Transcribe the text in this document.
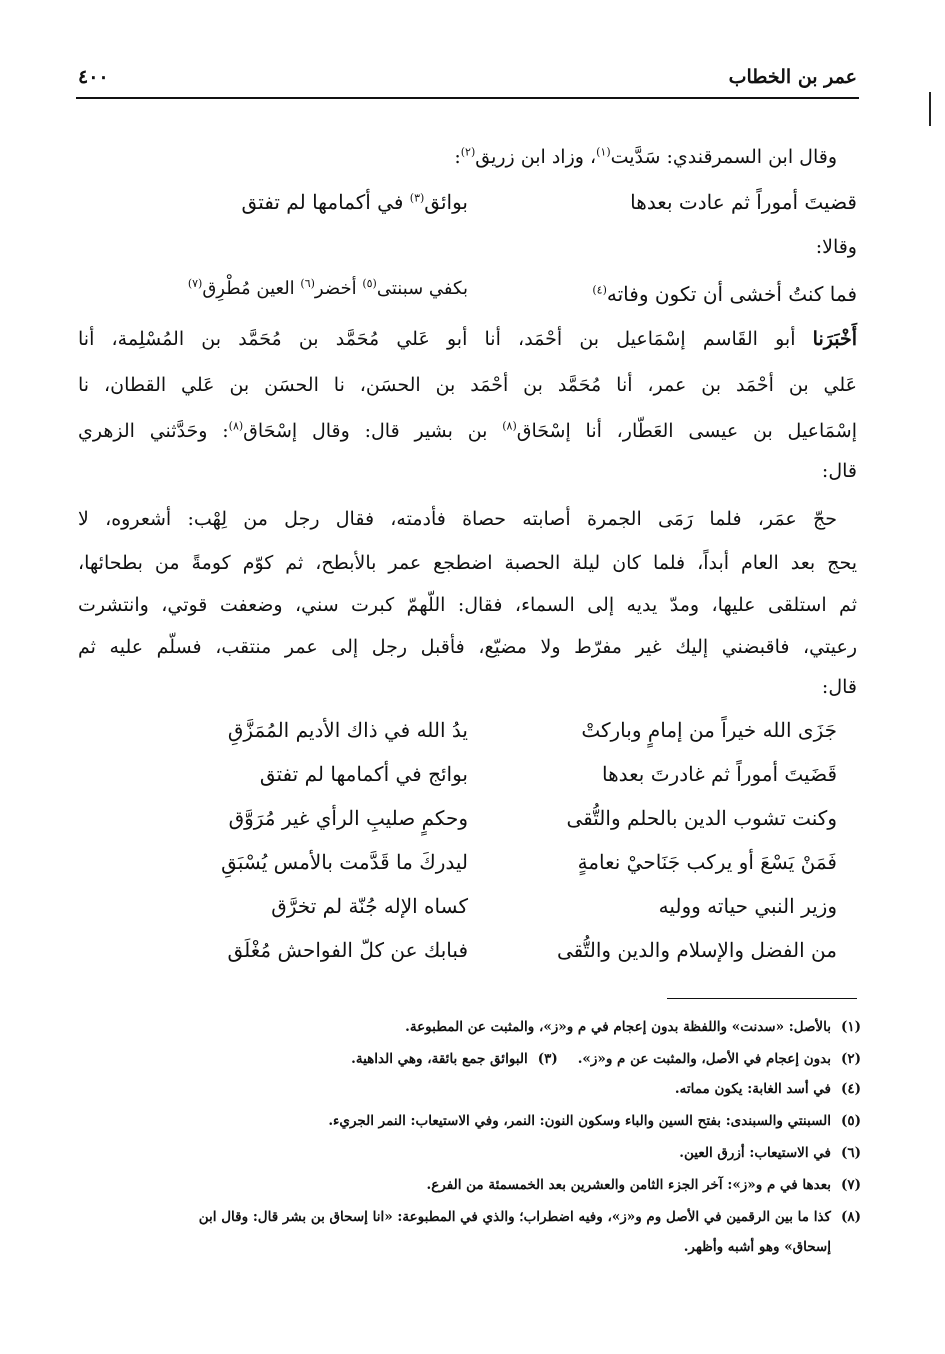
عمر بن الخطاب
٤٠٠
وقال ابن السمرقندي: سَدَّيت$^{(١)}$، وزاد ابن زريق$^{(٢)}$:
قضيتَ أموراً ثم عادت بعدها
بوائق$^{(٣)}$ في أكمامها لم تفتق
وقالا:
فما كنتُ أخشى أن تكون وفاته$^{(٤)}$
بكفي سبنتى$^{(٥)}$ أخضر$^{(٦)}$ العين مُطْرِق$^{(٧)}$
أَخْبَرَنا أبو القَاسم إسْمَاعيل بن أحْمَد، أنا أبو عَلي مُحَمَّد بن مُحَمَّد بن المُسْلِمة، أنا
عَلي بن أحْمَد بن عمر، أنا مُحَمَّد بن أحْمَد بن الحسَن، نا الحسَن بن عَلي القطان، نا
إسْمَاعيل بن عيسى العَطّار، أنا إسْحَاق$^{(٨)}$ بن بشير قال: وقال إسْحَاق$^{(٨)}$: وحَدَّثني الزهري
قال:
حجّ عمَر، فلما رَمَى الجمرة أصابته حصاة فأدمته، فقال رجل من لِهْب: أشعروه، لا
يحج بعد العام أبداً، فلما كان ليلة الحصبة اضطجع عمر بالأبطح، ثم كوّم كومةً من بطحائها،
ثم استلقى عليها، ومدّ يديه إلى السماء، فقال: اللّهمّ كبرت سني، وضعفت قوتي، وانتشرت
رعيتي، فاقبضني إليك غير مفرّط ولا مضيّع، فأقبل رجل إلى عمر منتقب، فسلّم عليه ثم
قال:
جَزَى الله خيراً من إمامٍ وباركتْ
يدُ الله في ذاك الأديم المُمَزَّقِ
قَضَيتَ أموراً ثم غادرتَ بعدها
بوائج في أكمامها لم تفتق
وكنت تشوب الدين بالحلم والتُّقى
وحكمٍ صليبِ الرأي غير مُرَوَّق
فَمَنْ يَسْعَ أو يركب جَنَاحيْ نعامةٍ
ليدركَ ما قَدَّمت بالأمس يُسْبَقِ
وزير النبي حياته ووليه
كساه الإله جُنّة لم تخرَّق
من الفضل والإسلام والدين والتُّقى
فبابك عن كلّ الفواحش مُغْلَق
(١)بالأصل: «سدنت» واللفظة بدون إعجام في م و«ز»، والمثبت عن المطبوعة.
(٢)بدون إعجام في الأصل، والمثبت عن م و«ز».(٣)البوائق جمع بائقة، وهي الداهية.
(٤)في أسد الغابة: يكون مماته.
(٥)السبنتي والسبندى: بفتح السين والباء وسكون النون: النمر، وفي الاستيعاب: النمر الجريء.
(٦)في الاستيعاب: أزرق العين.
(٧)بعدها في م و«ز»: آخر الجزء الثامن والعشرين بعد الخمسمئة من الفرع.
(٨)كذا ما بين الرقمين في الأصل وم و«ز»، وفيه اضطراب؛ والذي في المطبوعة: «انا إسحاق بن بشر قال: وقال ابن
إسحاق» وهو أشبه وأظهر.
